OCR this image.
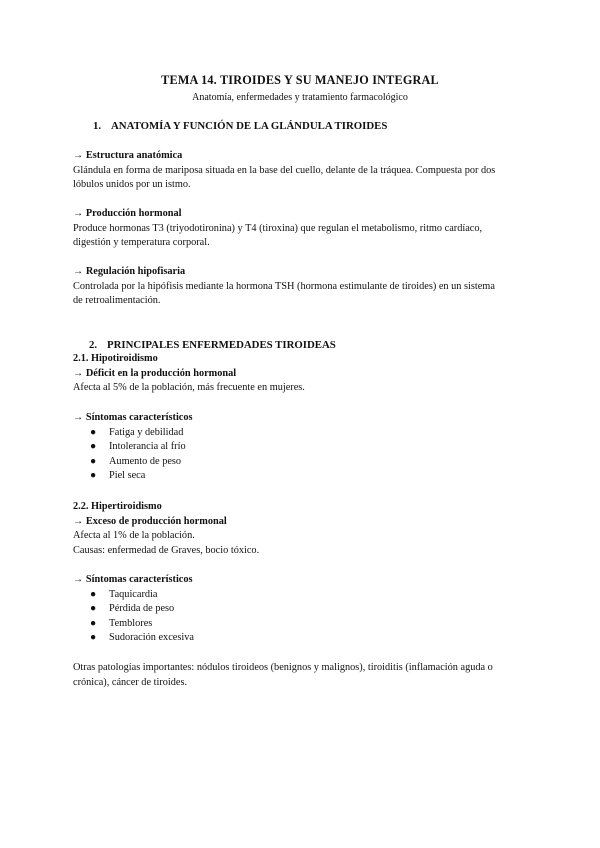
TEMA 14. TIROIDES Y SU MANEJO INTEGRAL
Anatomía, enfermedades y tratamiento farmacológico
1. ANATOMÍA Y FUNCIÓN DE LA GLÁNDULA TIROIDES
→ Estructura anatómica
Glándula en forma de mariposa situada en la base del cuello, delante de la tráquea. Compuesta por dos
lóbulos unidos por un istmo.
→ Producción hormonal
Produce hormonas T3 (triyodotironina) y T4 (tiroxina) que regulan el metabolismo, ritmo cardíaco,
digestión y temperatura corporal.
→ Regulación hipofisaria
Controlada por la hipófisis mediante la hormona TSH (hormona estimulante de tiroides) en un sistema
de retroalimentación.
2. PRINCIPALES ENFERMEDADES TIROIDEAS
2.1. Hipotiroidismo
→ Déficit en la producción hormonal
Afecta al 5% de la población, más frecuente en mujeres.
→ Síntomas característicos
● Fatiga y debilidad
● Intolerancia al frío
● Aumento de peso
● Piel seca
2.2. Hipertiroidismo
→ Exceso de producción hormonal
Afecta al 1% de la población.
Causas: enfermedad de Graves, bocio tóxico.
→ Síntomas característicos
● Taquicardia
● Pérdida de peso
● Temblores
● Sudoración excesiva
Otras patologías importantes: nódulos tiroideos (benignos y malignos), tiroiditis (inflamación aguda o
crónica), cáncer de tiroides.
